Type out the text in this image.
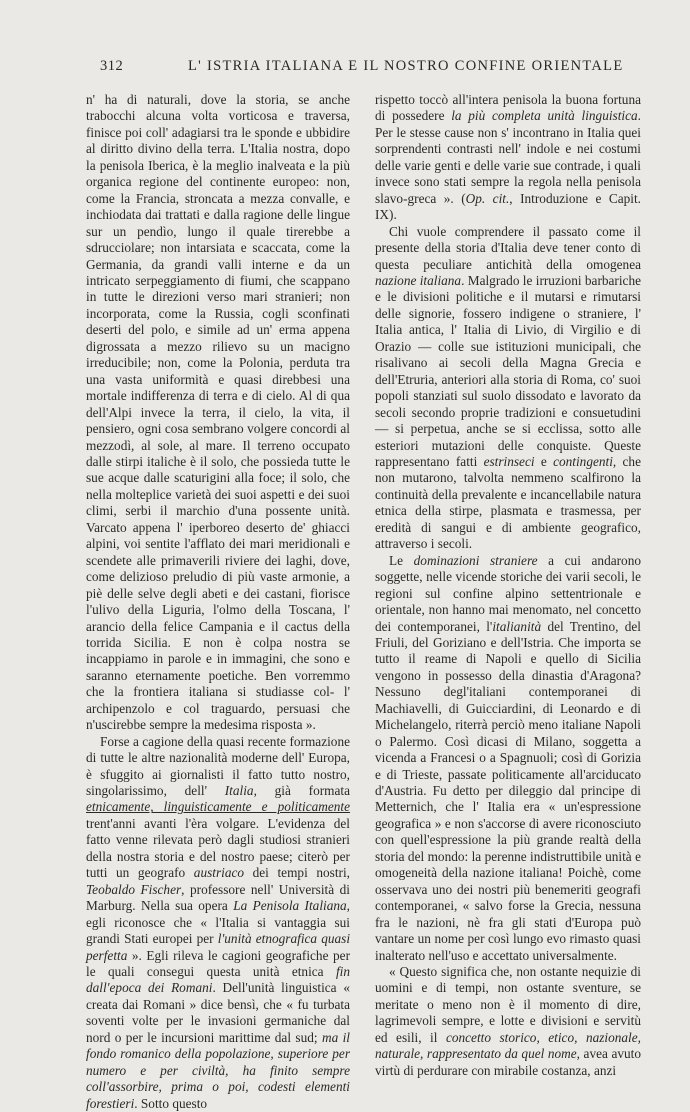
312	L' ISTRIA ITALIANA E IL NOSTRO CONFINE ORIENTALE

n' ha di naturali, dove la storia, se anche trabocchi alcuna volta vorticosa e traversa, finisce poi coll' adagiarsi tra le sponde e ubbidire al diritto divino della terra. L'Italia nostra, dopo la penisola Iberica, è la meglio inalveata e la più organica regione del continente europeo: non, come la Francia, stroncata a mezza convalle, e inchiodata dai trattati e dalla ragione delle lingue sur un pendìo, lungo il quale tirerebbe a sdrucciolare; non intarsiata e scaccata, come la Germania, da grandi valli interne e da un intricato serpeggiamento di fiumi, che scappano in tutte le direzioni verso mari stranieri; non incorporata, come la Russia, cogli sconfinati deserti del polo, e simile ad un' erma appena digrossata a mezzo rilievo su un macigno irreducibile; non, come la Polonia, perduta tra una vasta uniformità e quasi direbbesi una mortale indifferenza di terra e di cielo. Al di qua dell'Alpi invece la terra, il cielo, la vita, il pensiero, ogni cosa sembrano volgere concordi al mezzodì, al sole, al mare. Il terreno occupato dalle stirpi italiche è il solo, che possieda tutte le sue acque dalle scaturigini alla foce; il solo, che nella molteplice varietà dei suoi aspetti e dei suoi climi, serbi il marchio d'una possente unità. Varcato appena l' iperboreo deserto de' ghiacci alpini, voi sentite l'afflato dei mari meridionali e scendete alle primaverili riviere dei laghi, dove, come delizioso preludio di più vaste armonie, a piè delle selve degli abeti e dei castani, fiorisce l'ulivo della Liguria, l'olmo della Toscana, l' arancio della felice Campania e il cactus della torrida Sicilia. E non è colpa nostra se incappiamo in parole e in immagini, che sono e saranno eternamente poetiche. Ben vorremmo che la frontiera italiana si studiasse col- l' archipenzolo e col traguardo, persuasi che n'uscirebbe sempre la medesima risposta ».

Forse a cagione della quasi recente formazione di tutte le altre nazionalità moderne dell' Europa, è sfuggito ai giornalisti il fatto tutto nostro, singolarissimo, dell' Italia, già formata etnicamente, linguisticamente e politicamente trent'anni avanti l'èra volgare. L'evidenza del fatto venne rilevata però dagli studiosi stranieri della nostra storia e del nostro paese; citerò per tutti un geografo austriaco dei tempi nostri, Teobaldo Fischer, professore nell' Università di Marburg. Nella sua opera La Penisola Italiana, egli riconosce che « l'Italia si vantaggia sui grandi Stati europei per l'unità etnografica quasi perfetta ». Egli rileva le cagioni geografiche per le quali consegui questa unità etnica fin dall'epoca dei Romani. Dell'unità linguistica « creata dai Romani » dice bensì, che « fu turbata soventi volte per le invasioni germaniche dal nord o per le incursioni marittime dal sud; ma il fondo romanico della popolazione, superiore per numero e per civiltà, ha finito sempre coll'assorbire, prima o poi, codesti elementi forestieri. Sotto questo

rispetto toccò all'intera penisola la buona fortuna di possedere la più completa unità linguistica. Per le stesse cause non s' incontrano in Italia quei sorprendenti contrasti nell' indole e nei costumi delle varie genti e delle varie sue contrade, i quali invece sono stati sempre la regola nella penisola slavo-greca ». (Op. cit., Introduzione e Capit. IX).

Chi vuole comprendere il passato come il presente della storia d'Italia deve tener conto di questa peculiare antichità della omogenea nazione italiana. Malgrado le irruzioni barbariche e le divisioni politiche e il mutarsi e rimutarsi delle signorie, fossero indigene o straniere, l' Italia antica, l' Italia di Livio, di Virgilio e di Orazio — colle sue istituzioni municipali, che risalivano ai secoli della Magna Grecia e dell'Etruria, anteriori alla storia di Roma, co' suoi popoli stanziati sul suolo dissodato e lavorato da secoli secondo proprie tradizioni e consuetudini — si perpetua, anche se si ecclissa, sotto alle esteriori mutazioni delle conquiste. Queste rappresentano fatti estrinseci e contingenti, che non mutarono, talvolta nemmeno scalfirono la continuità della prevalente e incancellabile natura etnica della stirpe, plasmata e trasmessa, per eredità di sangui e di ambiente geografico, attraverso i secoli.

Le dominazioni straniere a cui andarono soggette, nelle vicende storiche dei varii secoli, le regioni sul confine alpino settentrionale e orientale, non hanno mai menomato, nel concetto dei contemporanei, l'italianità del Trentino, del Friuli, del Goriziano e dell'Istria. Che importa se tutto il reame di Napoli e quello di Sicilia vengono in possesso della dinastia d'Aragona? Nessuno degl'italiani contemporanei di Machiavelli, di Guicciardini, di Leonardo e di Michelangelo, riterrà perciò meno italiane Napoli o Palermo. Così dicasi di Milano, soggetta a vicenda a Francesi o a Spagnuoli; così di Gorizia e di Trieste, passate politicamente all'arciducato d'Austria. Fu detto per dileggio dal principe di Metternich, che l' Italia era « un'espressione geografica » e non s'accorse di avere riconosciuto con quell'espressione la più grande realtà della storia del mondo: la perenne indistruttibile unità e omogeneità della nazione italiana! Poichè, come osservava uno dei nostri più benemeriti geografi contemporanei, « salvo forse la Grecia, nessuna fra le nazioni, nè fra gli stati d'Europa può vantare un nome per così lungo evo rimasto quasi inalterato nell'uso e accettato universalmente.

« Questo significa che, non ostante nequizie di uomini e di tempi, non ostante sventure, se meritate o meno non è il momento di dire, lagrimevoli sempre, e lotte e divisioni e servitù ed esili, il concetto storico, etico, nazionale, naturale, rappresentato da quel nome, avea avuto virtù di perdurare con mirabile costanza, anzi
